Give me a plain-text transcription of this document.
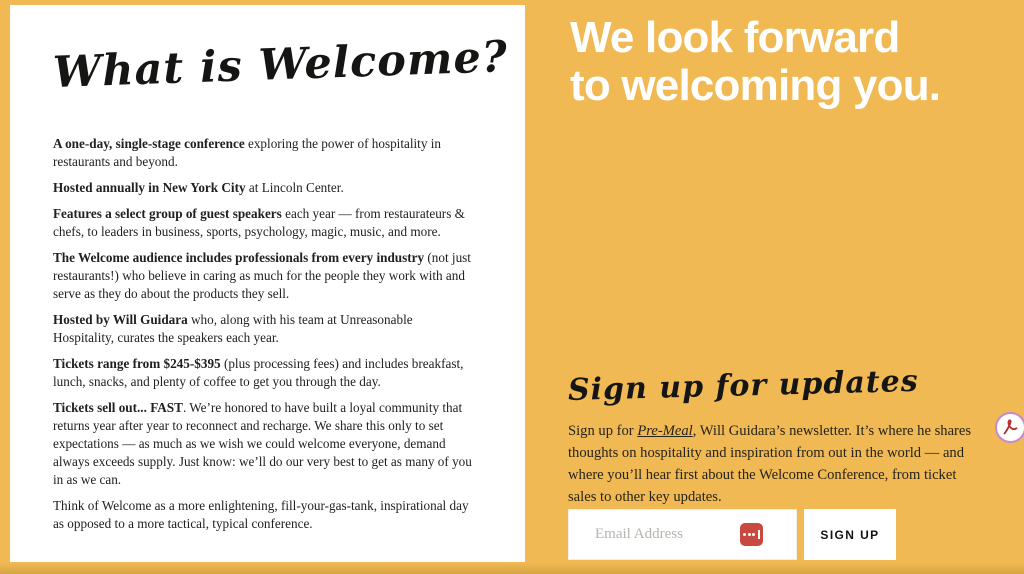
What is Welcome?

A one-day, single-stage conference exploring the power of hospitality in restaurants and beyond.

Hosted annually in New York City at Lincoln Center.

Features a select group of guest speakers each year — from restaurateurs & chefs, to leaders in business, sports, psychology, magic, music, and more.

The Welcome audience includes professionals from every industry (not just restaurants!) who believe in caring as much for the people they work with and serve as they do about the products they sell.

Hosted by Will Guidara who, along with his team at Unreasonable Hospitality, curates the speakers each year.

Tickets range from $245-$395 (plus processing fees) and includes breakfast, lunch, snacks, and plenty of coffee to get you through the day.

Tickets sell out... FAST. We’re honored to have built a loyal community that returns year after year to reconnect and recharge. We share this only to set expectations — as much as we wish we could welcome everyone, demand always exceeds supply. Just know: we’ll do our very best to get as many of you in as we can.

Think of Welcome as a more enlightening, fill-your-gas-tank, inspirational day as opposed to a more tactical, typical conference.

We look forward
to welcoming you.
Sign up for updates

Sign up for Pre-Meal, Will Guidara’s newsletter. It’s where he shares thoughts on hospitality and inspiration from out in the world — and where you’ll hear first about the Welcome Conference, from ticket sales to other key updates.

Email Address
SIGN UP
